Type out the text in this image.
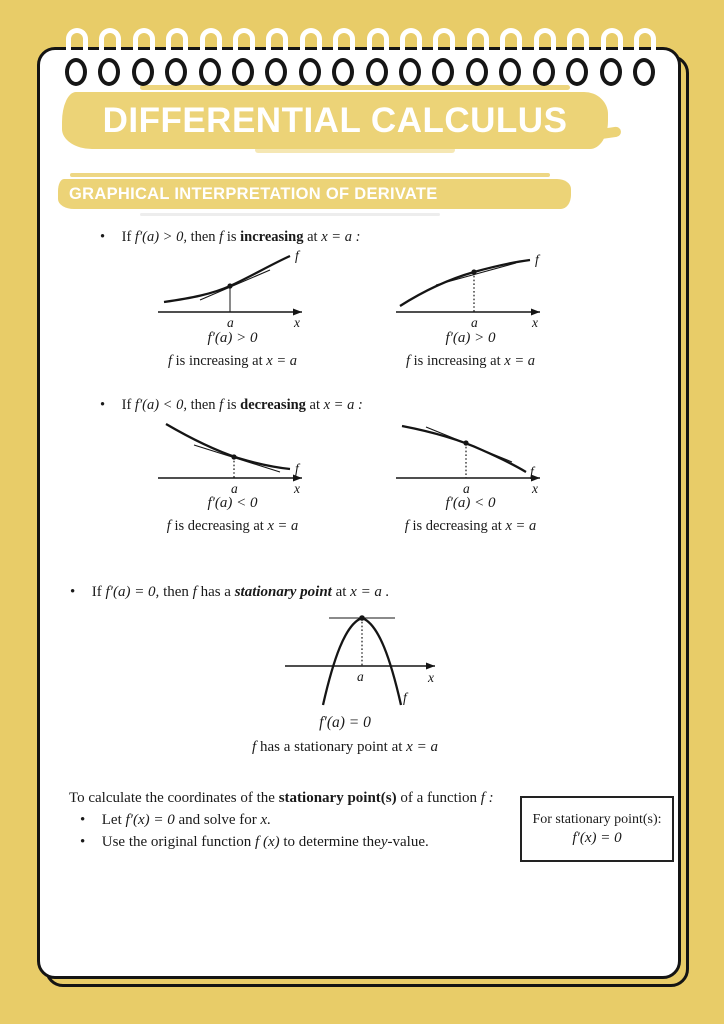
DIFFERENTIAL CALCULUS
GRAPHICAL INTERPRETATION OF DERIVATE
• If f′(a) > 0, then f is increasing at x = a :
a	x
f
a	x
f
f′(a) > 0	f′(a) > 0
f is increasing at x = a	f is increasing at x = a
• If f′(a) < 0, then f is decreasing at x = a :
a	x
f
a	x
f
f′(a) < 0	f′(a) < 0
f is decreasing at x = a	f is decreasing at x = a
• If f′(a) = 0, then f has a stationary point at x = a .
a	x
f
f′(a) = 0
f has a stationary point at x = a
To calculate the coordinates of the stationary point(s) of a function f :
• Let f′(x) = 0 and solve for x.
• Use the original function f (x) to determine they-value.
For stationary point(s):
f′(x) = 0
